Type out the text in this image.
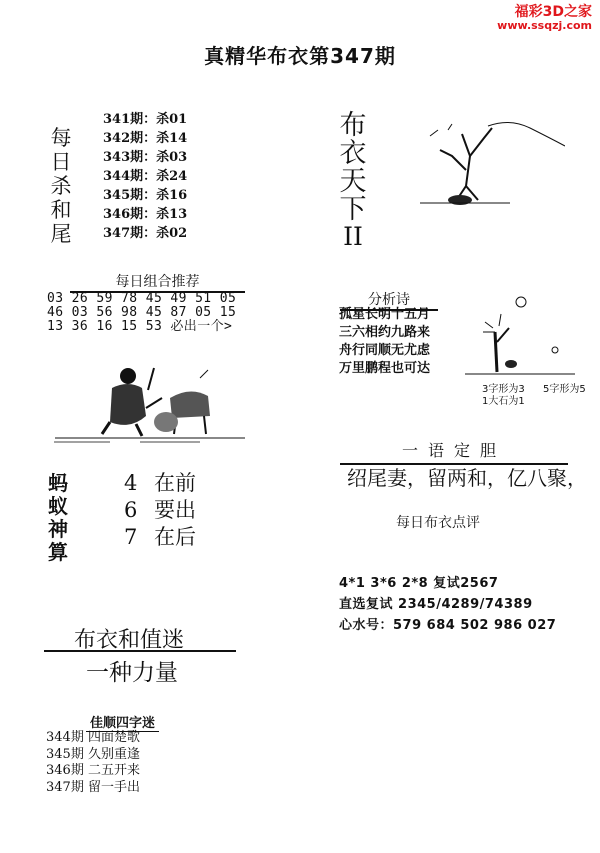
福彩3D之家
www.ssqzj.com
真精华布衣第347期
每日杀和尾
341期：杀01
342期：杀14
343期：杀03
344期：杀24
345期：杀16
346期：杀13
347期：杀02
布衣天下
II
每日组合推荐
03 26 59 78 45 49 51 05
46 03 56 98 45 87 05 15
13 36 16 15 53 必出一个>
分析诗
孤星长明十五月
三六相约九路来
舟行同顺无尤虑
万里鹏程也可达
3字形为3 5字形为5
1大石为1
一语定胆
绍尾妻，留两和，亿八聚，
每日布衣点评
4*1 3*6 2*8 复试2567
直选复试 2345/4289/74389
心水号：579 684 502 986 027
蚂蚁神算
4 在前
6 要出
7 在后
布衣和值迷
一种力量
佳顺四字迷
344期 四面楚歌
345期 久别重逢
346期 二五开来
347期 留一手出
